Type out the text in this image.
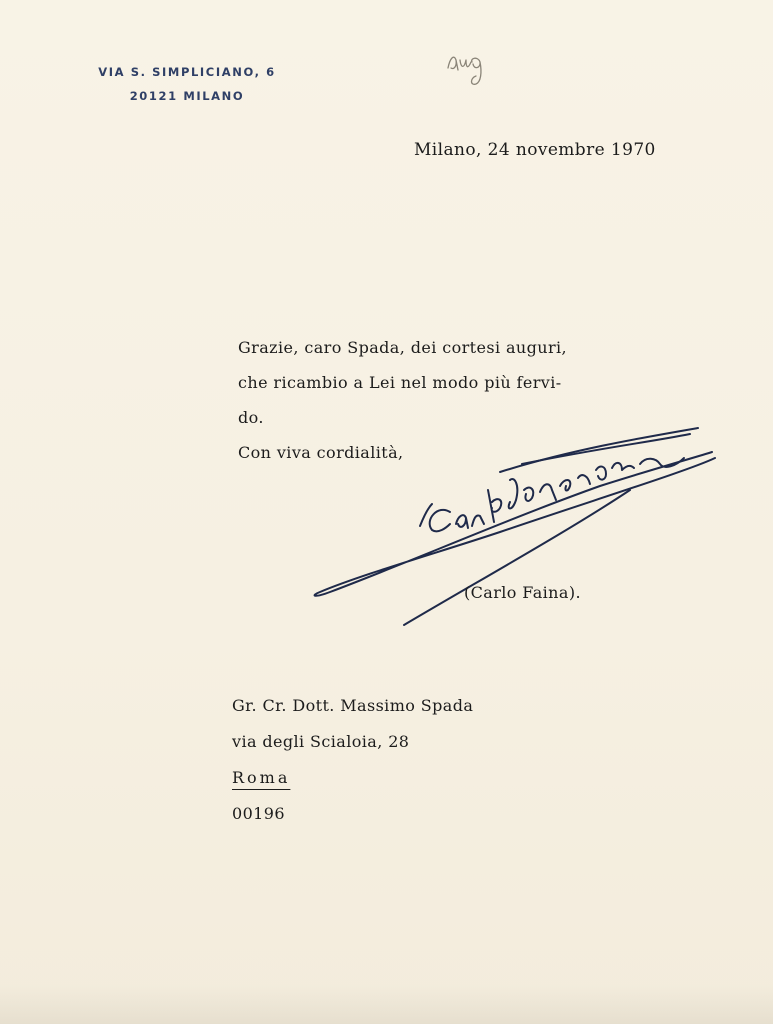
VIA S. SIMPLICIANO, 6
20121 MILANO
Milano, 24 novembre 1970
Grazie, caro Spada, dei cortesi auguri,
che ricambio a Lei nel modo più fervi-
do.
Con viva cordialità,
(Carlo Faina).
Gr. Cr. Dott. Massimo Spada
via degli Scialoia, 28
Roma
00196
